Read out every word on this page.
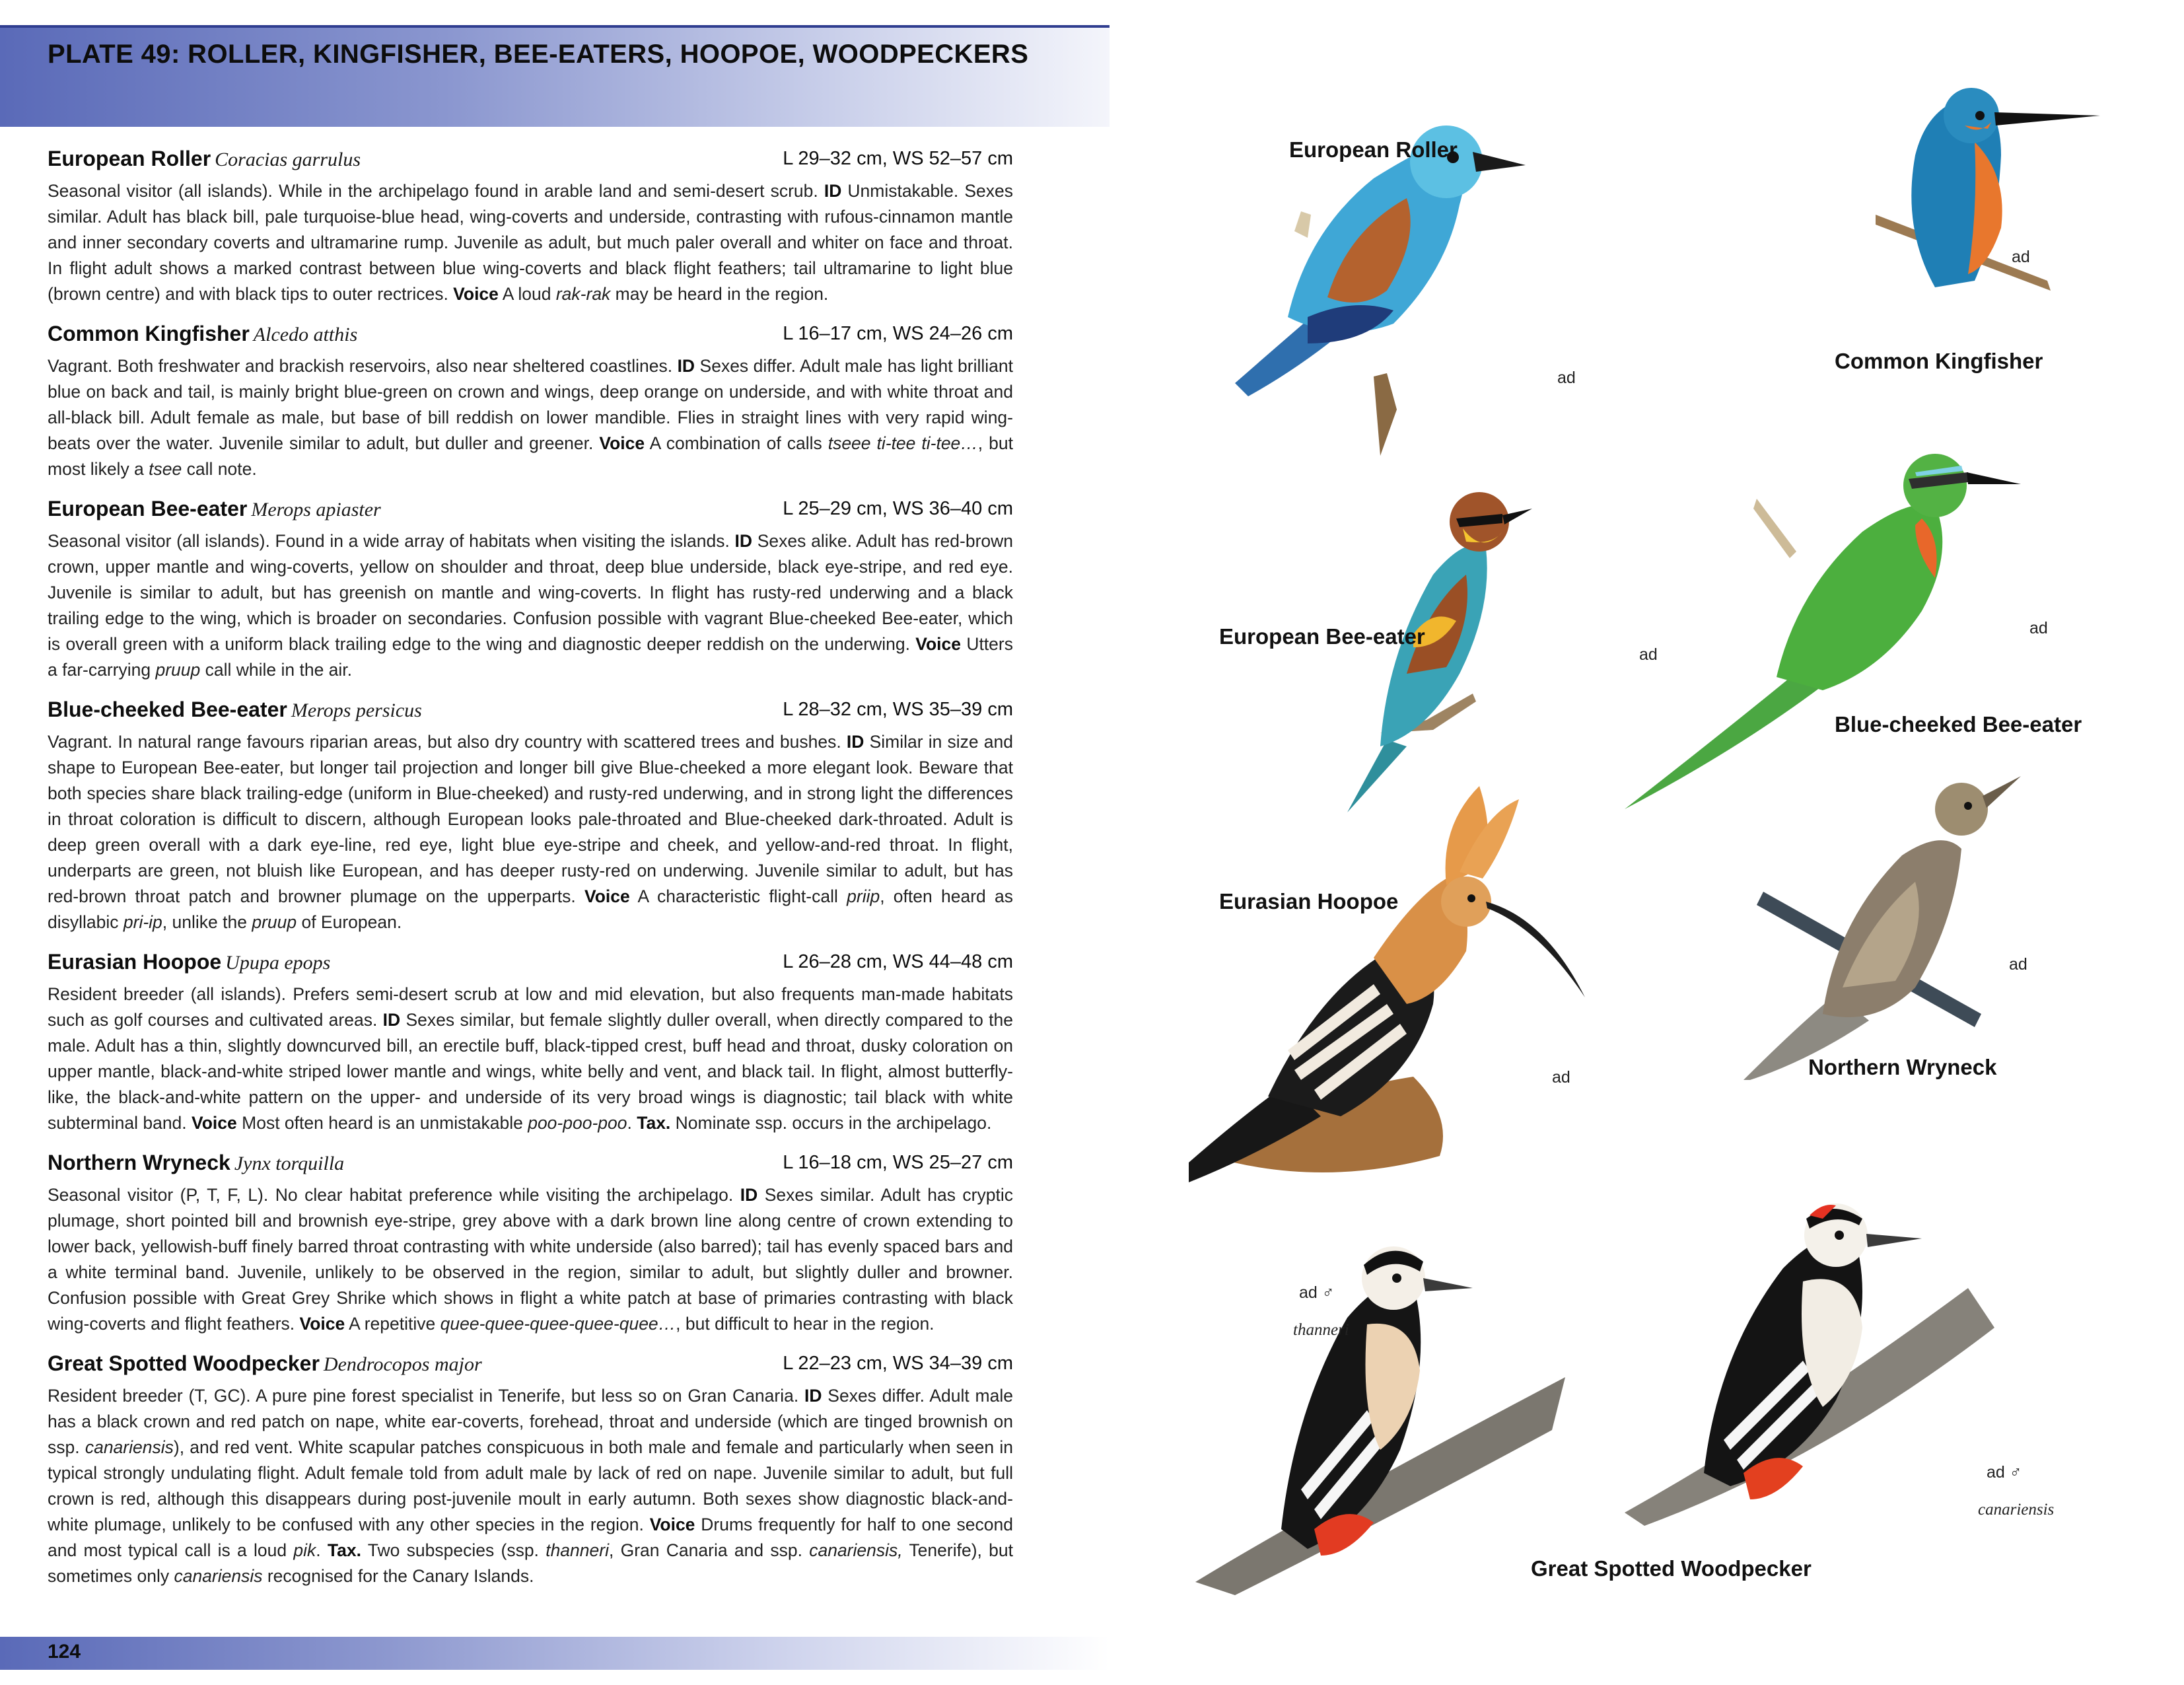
PLATE 49: ROLLER, KINGFISHER, BEE-EATERS, HOOPOE, WOODPECKERS
European Roller Coracias garrulus	L 29–32 cm, WS 52–57 cm
Seasonal visitor (all islands). While in the archipelago found in arable land and semi-desert scrub. ID Unmistakable. Sexes similar. Adult has black bill, pale turquoise-blue head, wing-coverts and underside, contrasting with rufous-cinnamon mantle and inner secondary coverts and ultramarine rump. Juvenile as adult, but much paler overall and whiter on face and throat. In flight adult shows a marked contrast between blue wing-coverts and black flight feathers; tail ultramarine to light blue (brown centre) and with black tips to outer rectrices. Voice A loud rak-rak may be heard in the region.
Common Kingfisher Alcedo atthis	L 16–17 cm, WS 24–26 cm
Vagrant. Both freshwater and brackish reservoirs, also near sheltered coastlines. ID Sexes differ. Adult male has light brilliant blue on back and tail, is mainly bright blue-green on crown and wings, deep orange on underside, and with white throat and all-black bill. Adult female as male, but base of bill reddish on lower mandible. Flies in straight lines with very rapid wing-beats over the water. Juvenile similar to adult, but duller and greener. Voice A combination of calls tseee ti-tee ti-tee…, but most likely a tsee call note.
European Bee-eater Merops apiaster	L 25–29 cm, WS 36–40 cm
Seasonal visitor (all islands). Found in a wide array of habitats when visiting the islands. ID Sexes alike. Adult has red-brown crown, upper mantle and wing-coverts, yellow on shoulder and throat, deep blue underside, black eye-stripe, and red eye. Juvenile is similar to adult, but has greenish on mantle and wing-coverts. In flight has rusty-red underwing and a black trailing edge to the wing, which is broader on secondaries. Confusion possible with vagrant Blue-cheeked Bee-eater, which is overall green with a uniform black trailing edge to the wing and diagnostic deeper reddish on the underwing. Voice Utters a far-carrying pruup call while in the air.
Blue-cheeked Bee-eater Merops persicus	L 28–32 cm, WS 35–39 cm
Vagrant. In natural range favours riparian areas, but also dry country with scattered trees and bushes. ID Similar in size and shape to European Bee-eater, but longer tail projection and longer bill give Blue-cheeked a more elegant look. Beware that both species share black trailing-edge (uniform in Blue-cheeked) and rusty-red underwing, and in strong light the differences in throat coloration is difficult to discern, although European looks pale-throated and Blue-cheeked dark-throated. Adult is deep green overall with a dark eye-line, red eye, light blue eye-stripe and cheek, and yellow-and-red throat. In flight, underparts are green, not bluish like European, and has deeper rusty-red on underwing. Juvenile similar to adult, but has red-brown throat patch and browner plumage on the upperparts. Voice A characteristic flight-call priip, often heard as disyllabic pri-ip, unlike the pruup of European.
Eurasian Hoopoe Upupa epops	L 26–28 cm, WS 44–48 cm
Resident breeder (all islands). Prefers semi-desert scrub at low and mid elevation, but also frequents man-made habitats such as golf courses and cultivated areas. ID Sexes similar, but female slightly duller overall, when directly compared to the male. Adult has a thin, slightly downcurved bill, an erectile buff, black-tipped crest, buff head and throat, dusky coloration on upper mantle, black-and-white striped lower mantle and wings, white belly and vent, and black tail. In flight, almost butterfly-like, the black-and-white pattern on the upper- and underside of its very broad wings is diagnostic; tail black with white subterminal band. Voice Most often heard is an unmistakable poo-poo-poo. Tax. Nominate ssp. occurs in the archipelago.
Northern Wryneck Jynx torquilla	L 16–18 cm, WS 25–27 cm
Seasonal visitor (P, T, F, L). No clear habitat preference while visiting the archipelago. ID Sexes similar. Adult has cryptic plumage, short pointed bill and brownish eye-stripe, grey above with a dark brown line along centre of crown extending to lower back, yellowish-buff finely barred throat contrasting with white underside (also barred); tail has evenly spaced bars and a white terminal band. Juvenile, unlikely to be observed in the region, similar to adult, but slightly duller and browner. Confusion possible with Great Grey Shrike which shows in flight a white patch at base of primaries contrasting with black wing-coverts and flight feathers. Voice A repetitive quee-quee-quee-quee-quee…, but difficult to hear in the region.
Great Spotted Woodpecker Dendrocopos major	L 22–23 cm, WS 34–39 cm
Resident breeder (T, GC). A pure pine forest specialist in Tenerife, but less so on Gran Canaria. ID Sexes differ. Adult male has a black crown and red patch on nape, white ear-coverts, forehead, throat and underside (which are tinged brownish on ssp. canariensis), and red vent. White scapular patches conspicuous in both male and female and particularly when seen in typical strongly undulating flight. Adult female told from adult male by lack of red on nape. Juvenile similar to adult, but full crown is red, although this disappears during post-juvenile moult in early autumn. Both sexes show diagnostic black-and-white plumage, unlikely to be confused with any other species in the region. Voice Drums frequently for half to one second and most typical call is a loud pik. Tax. Two subspecies (ssp. thanneri, Gran Canaria and ssp. canariensis, Tenerife), but sometimes only canariensis recognised for the Canary Islands.
124
European Roller
ad
ad
Common Kingfisher
European Bee-eater
ad
ad
Blue-cheeked Bee-eater
Eurasian Hoopoe
ad
ad
Northern Wryneck
ad ♂
thanneri
ad ♂
canariensis
Great Spotted Woodpecker
